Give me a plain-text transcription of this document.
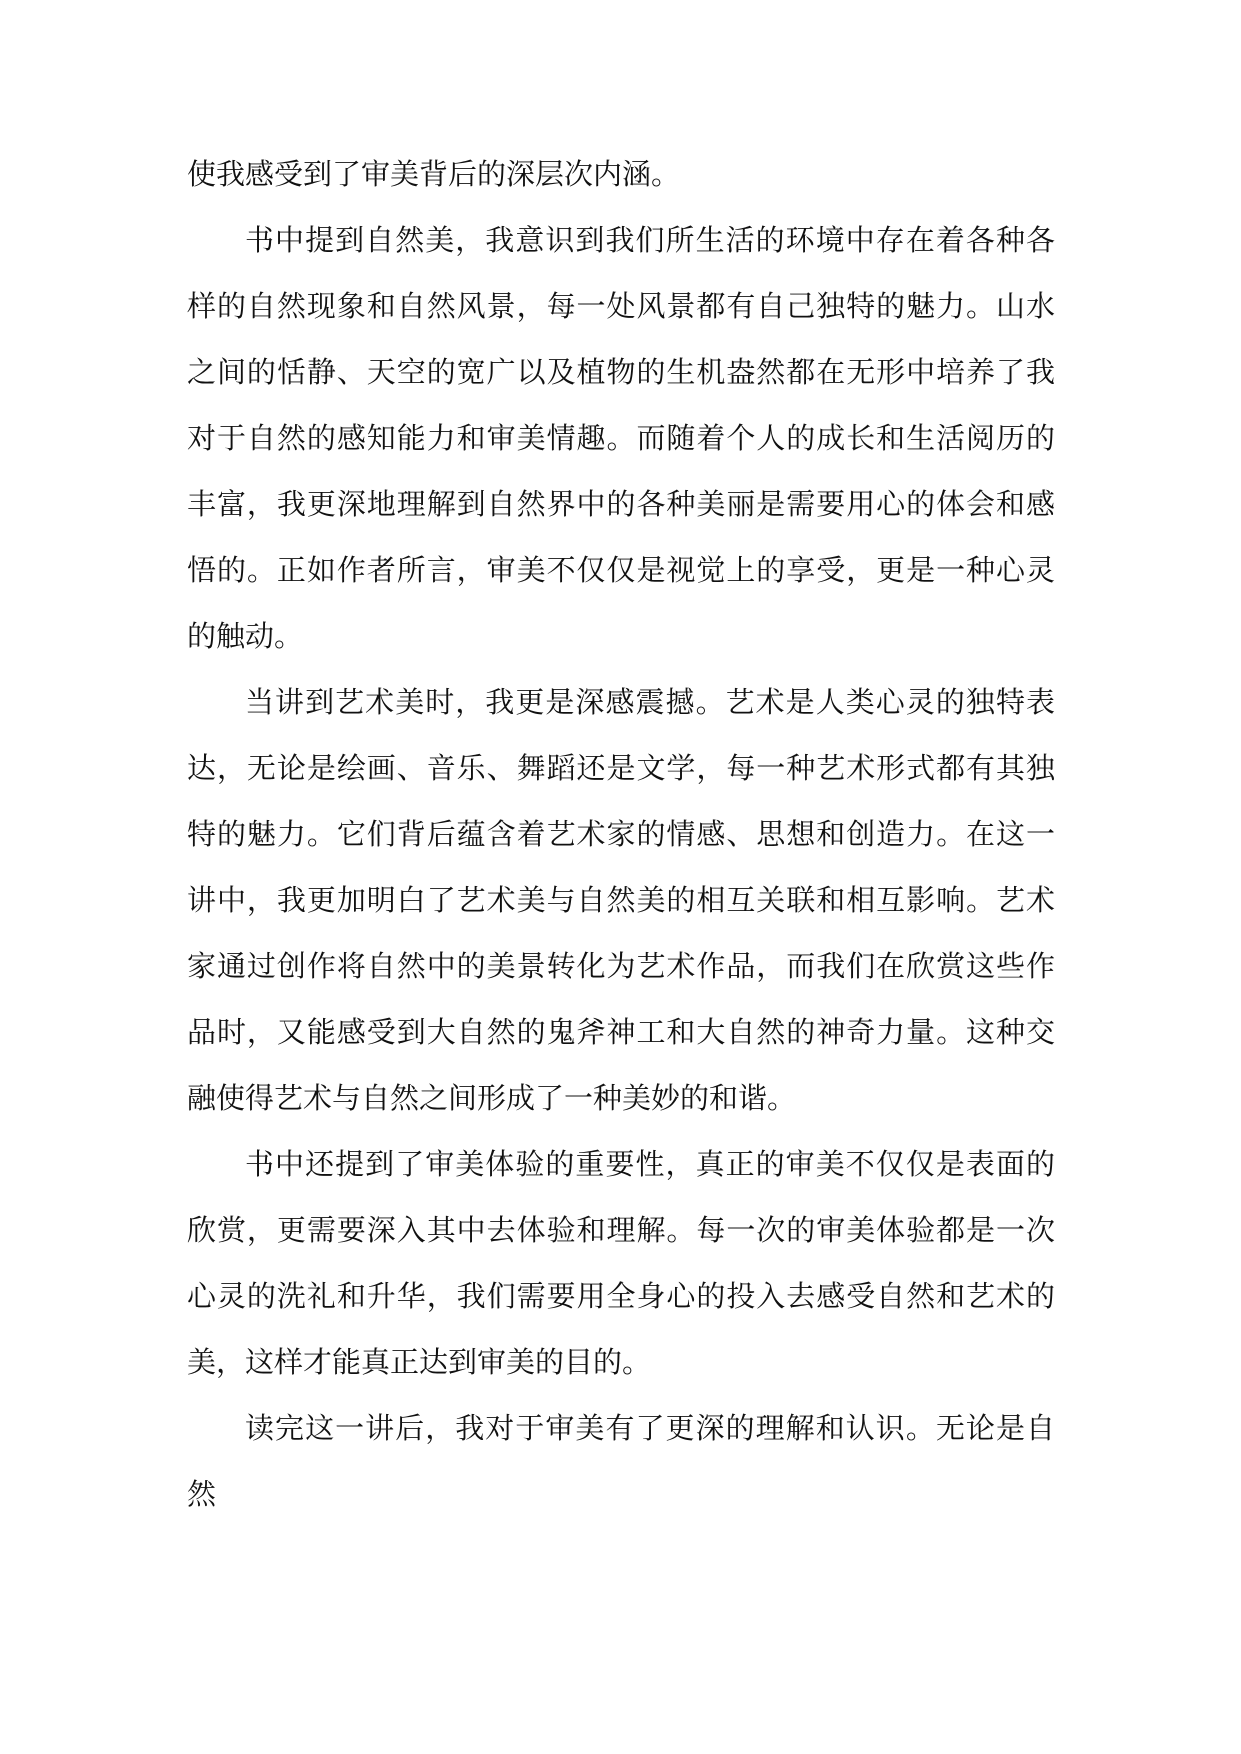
使我感受到了审美背后的深层次内涵。

书中提到自然美，我意识到我们所生活的环境中存在着各种各样的自然现象和自然风景，每一处风景都有自己独特的魅力。山水之间的恬静、天空的宽广以及植物的生机盎然都在无形中培养了我对于自然的感知能力和审美情趣。而随着个人的成长和生活阅历的丰富，我更深地理解到自然界中的各种美丽是需要用心的体会和感悟的。正如作者所言，审美不仅仅是视觉上的享受，更是一种心灵的触动。

当讲到艺术美时，我更是深感震撼。艺术是人类心灵的独特表达，无论是绘画、音乐、舞蹈还是文学，每一种艺术形式都有其独特的魅力。它们背后蕴含着艺术家的情感、思想和创造力。在这一讲中，我更加明白了艺术美与自然美的相互关联和相互影响。艺术家通过创作将自然中的美景转化为艺术作品，而我们在欣赏这些作品时，又能感受到大自然的鬼斧神工和大自然的神奇力量。这种交融使得艺术与自然之间形成了一种美妙的和谐。

书中还提到了审美体验的重要性，真正的审美不仅仅是表面的欣赏，更需要深入其中去体验和理解。每一次的审美体验都是一次心灵的洗礼和升华，我们需要用全身心的投入去感受自然和艺术的美，这样才能真正达到审美的目的。

读完这一讲后，我对于审美有了更深的理解和认识。无论是自然
